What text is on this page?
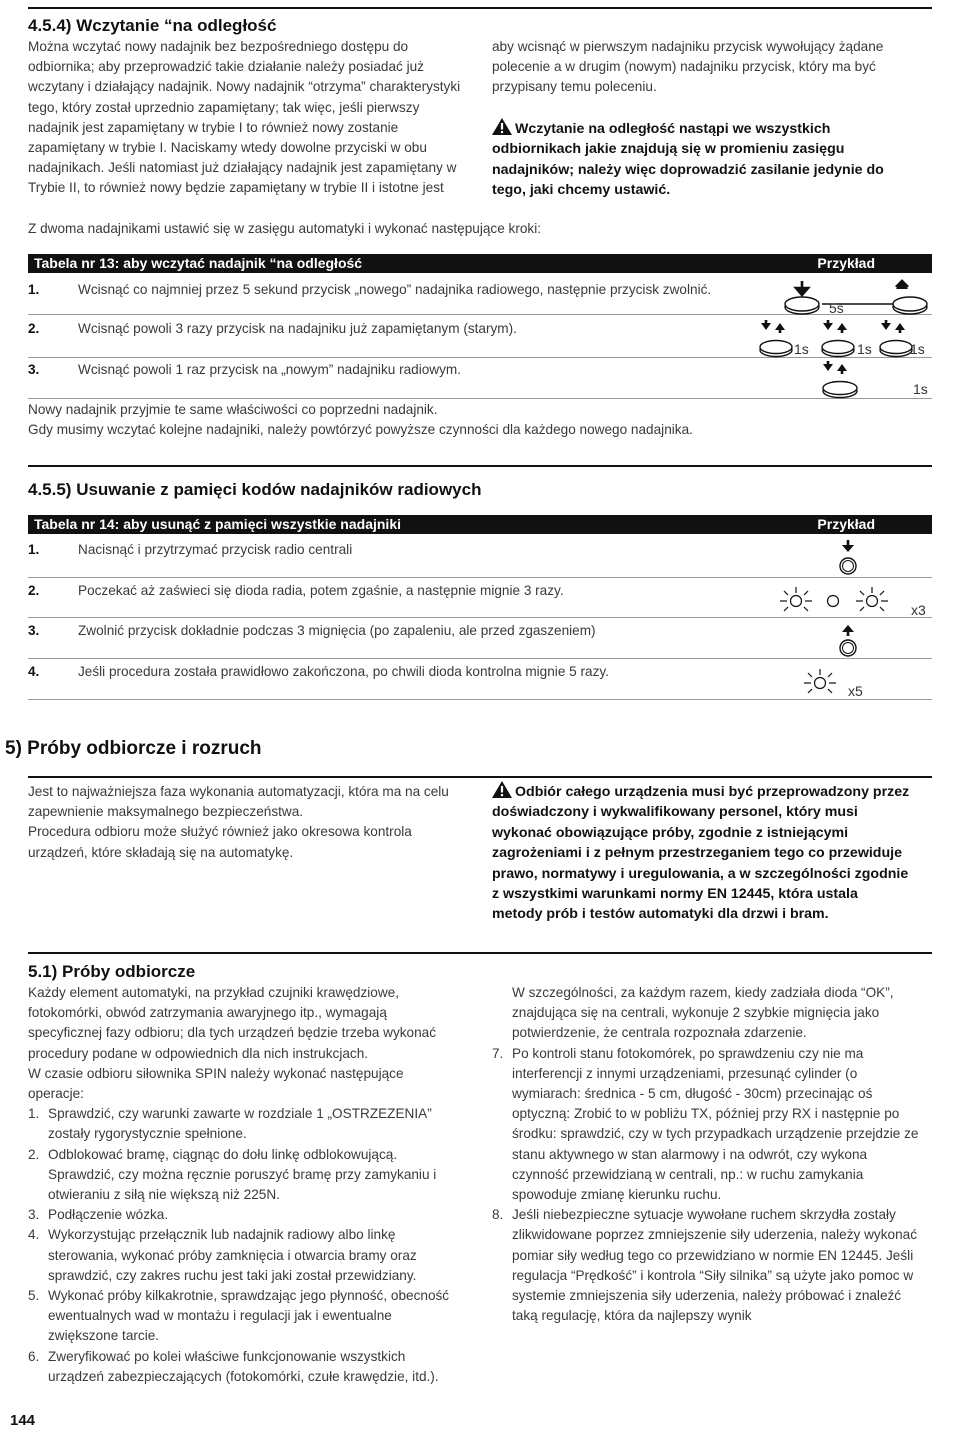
4.5.4) Wczytanie “na odległość
Można wczytać nowy nadajnik bez bezpośredniego dostępu do
odbiornika; aby przeprowadzić takie działanie należy posiadać już
wczytany i działający nadajnik. Nowy nadajnik “otrzyma” charakterystyki
tego, który został uprzednio zapamiętany; tak więc, jeśli pierwszy
nadajnik jest zapamiętany w trybie I to również nowy zostanie
zapamiętany w trybie I. Naciskamy wtedy dowolne przyciski w obu
nadajnikach. Jeśli natomiast już działający nadajnik jest zapamiętany w
Trybie II, to również nowy będzie zapamiętany w trybie II i istotne jest
aby wcisnąć w pierwszym nadajniku przycisk wywołujący żądane
polecenie a w drugim (nowym) nadajniku przycisk, który ma być
przypisany temu poleceniu.
Wczytanie na odległość nastąpi we wszystkich
odbiornikach jakie znajdują się w promieniu zasięgu
nadajników; należy więc doprowadzić zasilanie jedynie do
tego, jaki chcemy ustawić.
Z dwoma nadajnikami ustawić się w zasięgu automatyki i wykonać następujące kroki:
Tabela nr 13: aby wczytać nadajnik “na odległość	Przykład
1.	Wcisnąć co najmniej przez 5 sekund przycisk „nowego” nadajnika radiowego, następnie przycisk zwolnić.
2.	Wcisnąć powoli 3 razy przycisk na nadajniku już zapamiętanym (starym).
3.	Wcisnąć powoli 1 raz przycisk na „nowym” nadajniku radiowym.
5s
1s	1s	1s
1s
Nowy nadajnik przyjmie te same właściwości co poprzedni nadajnik.
Gdy musimy wczytać kolejne nadajniki, należy powtórzyć powyższe czynności dla każdego nowego nadajnika.
4.5.5) Usuwanie z pamięci kodów nadajników radiowych
Tabela nr 14: aby usunąć z pamięci wszystkie nadajniki	Przykład
1.	Nacisnąć i przytrzymać przycisk radio centrali
2.	Poczekać aż zaświeci się dioda radia, potem zgaśnie, a następnie mignie 3 razy.
3.	Zwolnić przycisk dokładnie podczas 3 mignięcia (po zapaleniu, ale przed zgaszeniem)
4.	Jeśli procedura została prawidłowo zakończona, po chwili dioda kontrolna mignie 5 razy.
x3
x5
5) Próby odbiorcze i rozruch
Jest to najważniejsza faza wykonania automatyzacji, która ma na celu
zapewnienie maksymalnego bezpieczeństwa.
Procedura odbioru może służyć również jako okresowa kontrola
urządzeń, które składają się na automatykę.
Odbiór całego urządzenia musi być przeprowadzony przez
doświadczony i wykwalifikowany personel, który musi
wykonać obowiązujące próby, zgodnie z istniejącymi
zagrożeniami i z pełnym przestrzeganiem tego co przewiduje
prawo, normatywy i uregulowania, a w szczególności zgodnie
z wszystkimi warunkami normy EN 12445, która ustala
metody prób i testów automatyki dla drzwi i bram.
5.1) Próby odbiorcze
Każdy element automatyki, na przykład czujniki krawędziowe,
fotokomórki, obwód zatrzymania awaryjnego itp., wymagają
specyficznej fazy odbioru; dla tych urządzeń będzie trzeba wykonać
procedury podane w odpowiednich dla nich instrukcjach.
W czasie odbioru siłownika SPIN należy wykonać następujące
operacje:
1. Sprawdzić, czy warunki zawarte w rozdziale 1 „OSTRZEZENIA”
zostały rygorystycznie spełnione.
2. Odblokować bramę, ciągnąc do dołu linkę odblokowującą.
Sprawdzić, czy można ręcznie poruszyć bramę przy zamykaniu i
otwieraniu z siłą nie większą niż 225N.
3. Podłączenie wózka.
4. Wykorzystując przełącznik lub nadajnik radiowy albo linkę
sterowania, wykonać próby zamknięcia i otwarcia bramy oraz
sprawdzić, czy zakres ruchu jest taki jaki został przewidziany.
5. Wykonać próby kilkakrotnie, sprawdzając jego płynność, obecność
ewentualnych wad w montażu i regulacji jak i ewentualne
zwiększone tarcie.
6. Zweryfikować po kolei właściwe funkcjonowanie wszystkich
urządzeń zabezpieczających (fotokomórki, czułe krawędzie, itd.).
W szczególności, za każdym razem, kiedy zadziała dioda “OK”,
znajdująca się na centrali, wykonuje 2 szybkie mignięcia jako
potwierdzenie, że centrala rozpoznała zdarzenie.
7. Po kontroli stanu fotokomórek, po sprawdzeniu czy nie ma
interferencji z innymi urządzeniami, przesunąć cylinder (o
wymiarach: średnica - 5 cm, długość - 30cm) przecinając oś
optyczną: Zrobić to w pobliżu TX, później przy RX i następnie po
środku: sprawdzić, czy w tych przypadkach urządzenie przejdzie ze
stanu aktywnego w stan alarmowy i na odwrót, czy wykona
czynność przewidzianą w centrali, np.: w ruchu zamykania
spowoduje zmianę kierunku ruchu.
8. Jeśli niebezpieczne sytuacje wywołane ruchem skrzydła zostały
zlikwidowane poprzez zmniejszenie siły uderzenia, należy wykonać
pomiar siły według tego co przewidziano w normie EN 12445. Jeśli
regulacja “Prędkość” i kontrola “Siły silnika” są użyte jako pomoc w
systemie zmniejszenia siły uderzenia, należy próbować i znaleźć
taką regulację, która da najlepszy wynik
144
